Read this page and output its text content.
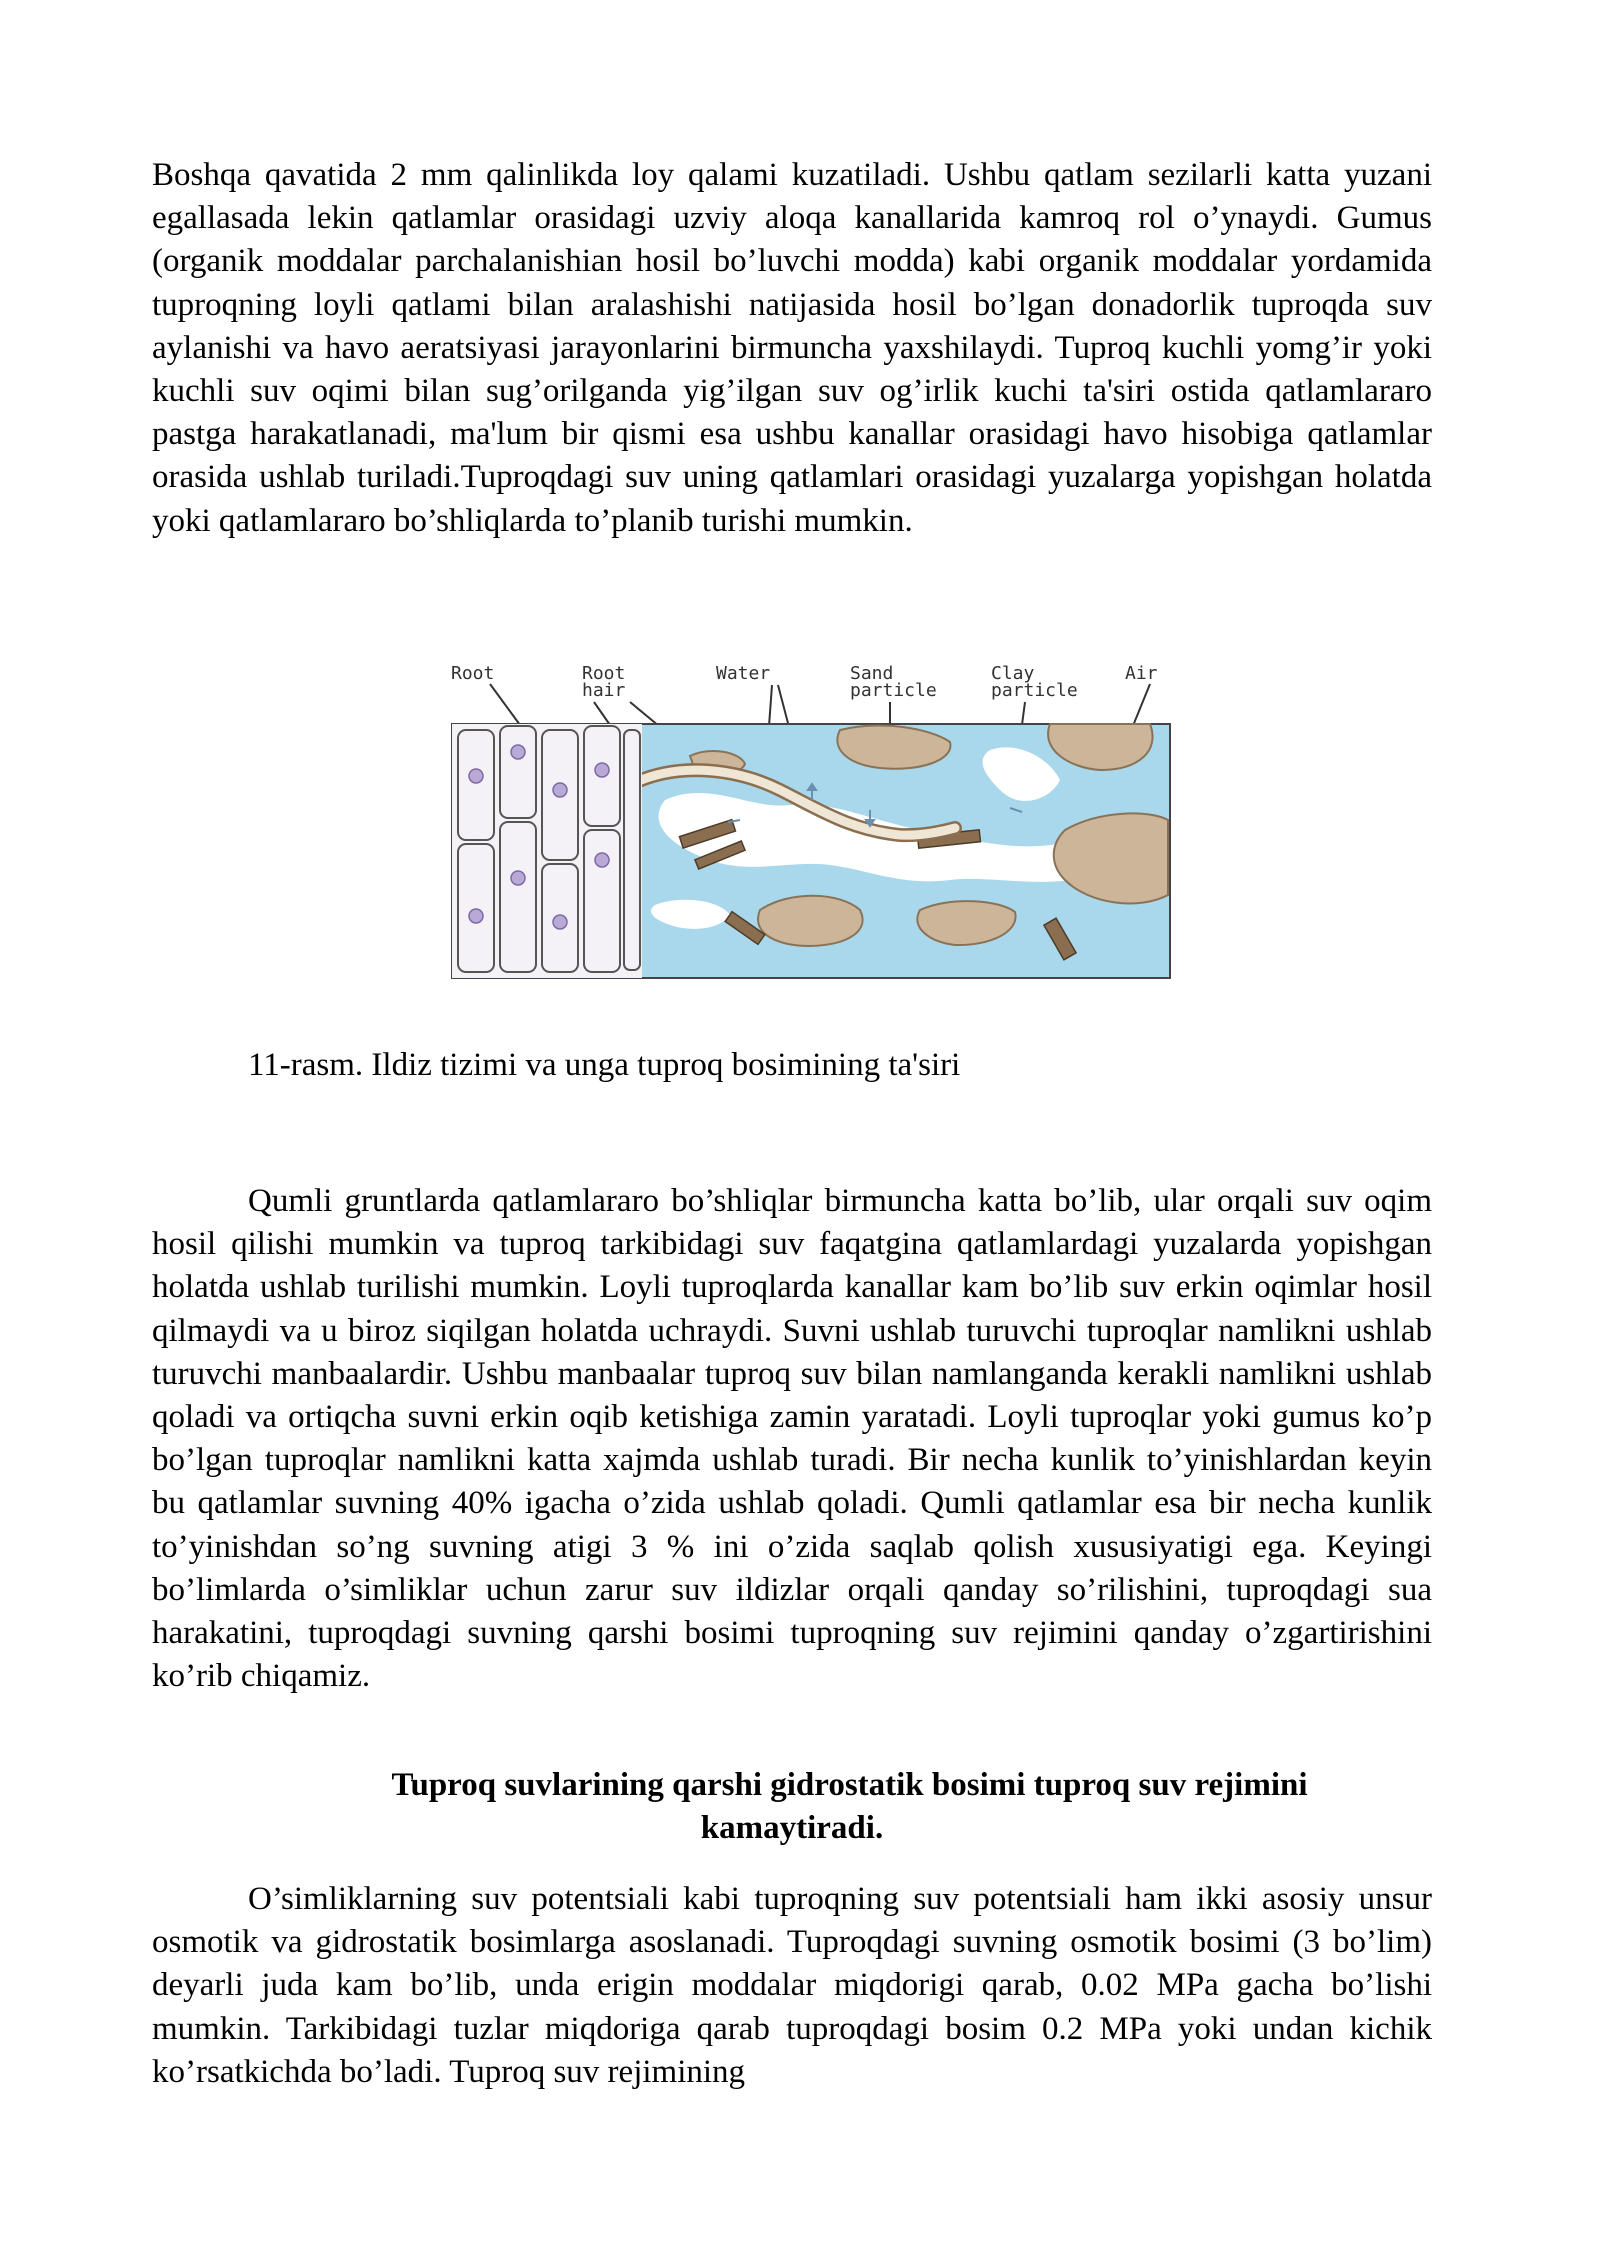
Boshqa qavatida 2 mm qalinlikda loy qalami kuzatiladi. Ushbu qatlam sezilarli katta yuzani egallasada lekin qatlamlar orasidagi uzviy aloqa kanallarida kamroq rol o’ynaydi. Gumus (organik moddalar parchalanishian hosil bo’luvchi modda) kabi organik moddalar yordamida tuproqning loyli qatlami bilan aralashishi natijasida hosil bo’lgan donadorlik tuproqda suv aylanishi va havo aeratsiyasi jarayonlarini birmuncha yaxshilaydi. Tuproq kuchli yomg’ir yoki kuchli suv oqimi bilan sug’orilganda yig’ilgan suv og’irlik kuchi ta'siri ostida qatlamlararo pastga harakatlanadi, ma'lum bir qismi esa ushbu kanallar orasidagi havo hisobiga qatlamlar orasida ushlab turiladi.Tuproqdagi suv uning qatlamlari orasidagi yuzalarga yopishgan holatda yoki qatlamlararo bo’shliqlarda to’planib turishi mumkin.

Root	Root
hair
Water	Sand
particle
Clay
particle
Air
11-rasm. Ildiz tizimi va unga tuproq bosimining ta'siri

Qumli gruntlarda qatlamlararo bo’shliqlar birmuncha katta bo’lib, ular orqali suv oqim hosil qilishi mumkin va tuproq tarkibidagi suv faqatgina qatlamlardagi yuzalarda yopishgan holatda ushlab turilishi mumkin. Loyli tuproqlarda kanallar kam bo’lib suv erkin oqimlar hosil qilmaydi va u biroz siqilgan holatda uchraydi. Suvni ushlab turuvchi tuproqlar namlikni ushlab turuvchi manbaalardir. Ushbu manbaalar tuproq suv bilan namlanganda kerakli namlikni ushlab qoladi va ortiqcha suvni erkin oqib ketishiga zamin yaratadi. Loyli tuproqlar yoki gumus ko’p bo’lgan tuproqlar namlikni katta xajmda ushlab turadi. Bir necha kunlik to’yinishlardan keyin bu qatlamlar suvning 40% igacha o’zida ushlab qoladi. Qumli qatlamlar esa bir necha kunlik to’yinishdan so’ng suvning atigi 3 % ini o’zida saqlab qolish xususiyatigi ega. Keyingi bo’limlarda o’simliklar uchun zarur suv ildizlar orqali qanday so’rilishini, tuproqdagi sua harakatini, tuproqdagi suvning qarshi bosimi tuproqning suv rejimini qanday o’zgartirishini ko’rib chiqamiz.

Tuproq suvlarining qarshi gidrostatik bosimi tuproq suv rejimini
kamaytiradi.

O’simliklarning suv potentsiali kabi tuproqning suv potentsiali ham ikki asosiy unsur osmotik va gidrostatik bosimlarga asoslanadi. Tuproqdagi suvning osmotik bosimi (3 bo’lim) deyarli juda kam bo’lib, unda erigin moddalar miqdorigi qarab, 0.02 MPa gacha bo’lishi mumkin. Tarkibidagi tuzlar miqdoriga qarab tuproqdagi bosim 0.2 MPa yoki undan kichik ko’rsatkichda bo’ladi. Tuproq suv rejimining
